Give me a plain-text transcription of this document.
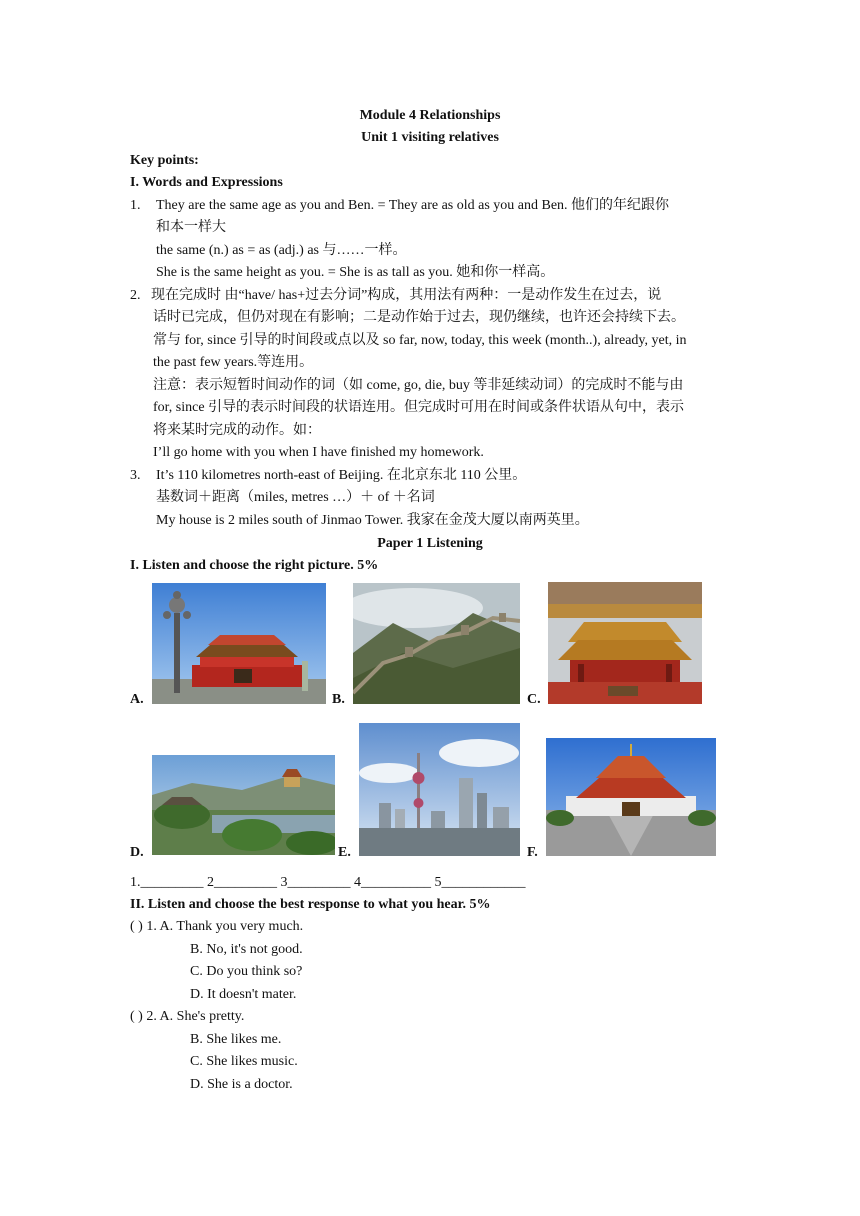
Module 4 Relationships
Unit 1 visiting relatives
Key points:
I. Words and Expressions
1. They are the same age as you and Ben. = They are as old as you and Ben. 他们的年纪跟你
和本一样大
the same (n.) as = as (adj.) as 与……一样。
She is the same height as you. = She is as tall as you. 她和你一样高。
2. 现在完成时 由“have/ has+过去分词”构成，其用法有两种：一是动作发生在过去，说
话时已完成，但仍对现在有影响；二是动作始于过去，现仍继续，也许还会持续下去。
常与 for, since 引导的时间段或点以及 so far, now, today, this week (month..), already, yet, in
the past few years.等连用。
注意：表示短暂时间动作的词（如 come, go, die, buy 等非延续动词）的完成时不能与由
for, since 引导的表示时间段的状语连用。但完成时可用在时间或条件状语从句中，表示
将来某时完成的动作。如：
I’ll go home with you when I have finished my homework.
3. It’s 110 kilometres north-east of Beijing. 在北京东北 110 公里。
基数词＋距离（miles, metres …）＋ of ＋名词
My house is 2 miles south of Jinmao Tower. 我家在金茂大厦以南两英里。
Paper 1 Listening
I. Listen and choose the right picture. 5%
A.	B.	C.
D.	E.	F.
1._________ 2_________ 3_________ 4__________ 5____________
II. Listen and choose the best response to what you hear. 5%
( ) 1. A. Thank you very much.
B. No, it's not good.
C. Do you think so?
D. It doesn't mater.
( ) 2. A. She's pretty.
B. She likes me.
C. She likes music.
D. She is a doctor.
